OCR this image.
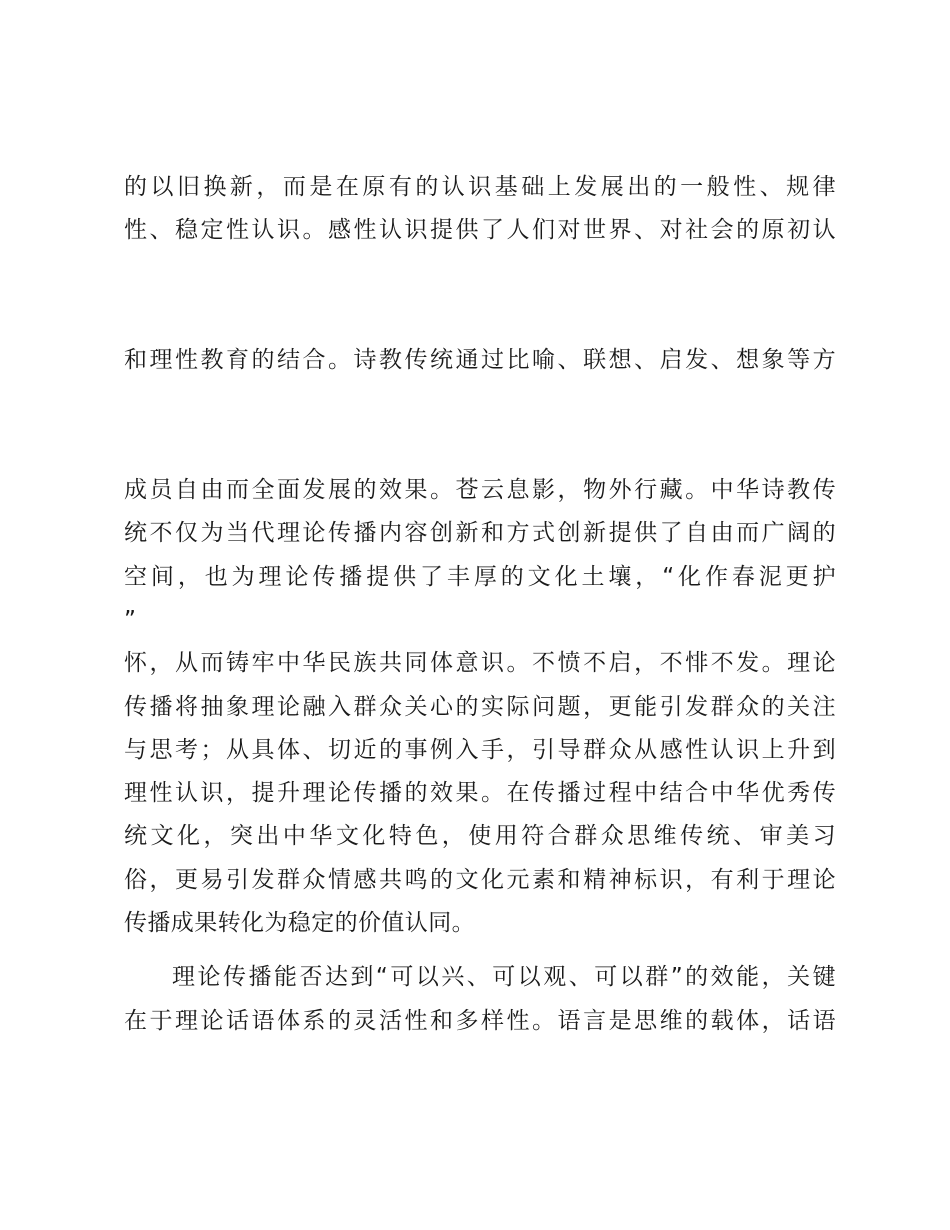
的以旧换新，而是在原有的认识基础上发展出的一般性、规律
性、稳定性认识。感性认识提供了人们对世界、对社会的原初认
和理性教育的结合。诗教传统通过比喻、联想、启发、想象等方
成员自由而全面发展的效果。苍云息影，物外行藏。中华诗教传
统不仅为当代理论传播内容创新和方式创新提供了自由而广阔的
空间，也为理论传播提供了丰厚的文化土壤，“化作春泥更护
”
怀，从而铸牢中华民族共同体意识。不愤不启，不悱不发。理论
传播将抽象理论融入群众关心的实际问题，更能引发群众的关注
与思考；从具体、切近的事例入手，引导群众从感性认识上升到
理性认识，提升理论传播的效果。在传播过程中结合中华优秀传
统文化，突出中华文化特色，使用符合群众思维传统、审美习
俗，更易引发群众情感共鸣的文化元素和精神标识，有利于理论
传播成果转化为稳定的价值认同。
理论传播能否达到“可以兴、可以观、可以群”的效能，关键
在于理论话语体系的灵活性和多样性。语言是思维的载体，话语
